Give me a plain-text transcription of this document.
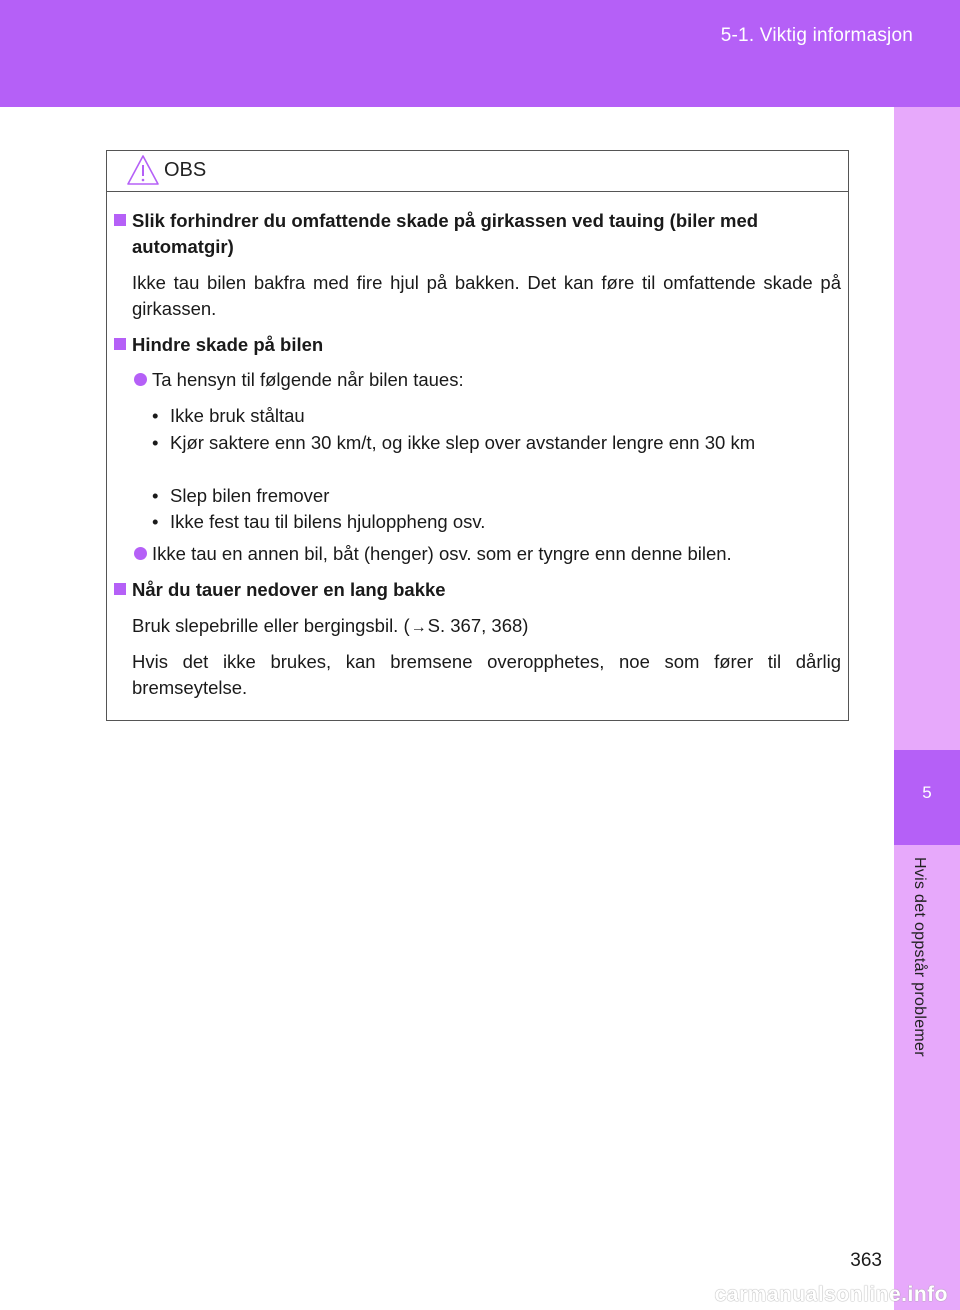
5-1. Viktig informasjon
5
Hvis det oppstår problemer
OBS
Slik forhindrer du omfattende skade på girkassen ved tauing (biler med
automatgir)
Ikke tau bilen bakfra med fire hjul på bakken. Det kan føre til omfattende skade på girkassen.
Hindre skade på bilen
Ta hensyn til følgende når bilen taues:
• Ikke bruk ståltau
• Kjør saktere enn 30 km/t, og ikke slep over avstander lengre enn 30 km
• Slep bilen fremover
• Ikke fest tau til bilens hjuloppheng osv.
Ikke tau en annen bil, båt (henger) osv. som er tyngre enn denne bilen.
Når du tauer nedover en lang bakke
Bruk slepebrille eller bergingsbil. (→S. 367, 368)
Hvis det ikke brukes, kan bremsene overopphetes, noe som fører til dårlig bremseytelse.
363
carmanualsonline.info
